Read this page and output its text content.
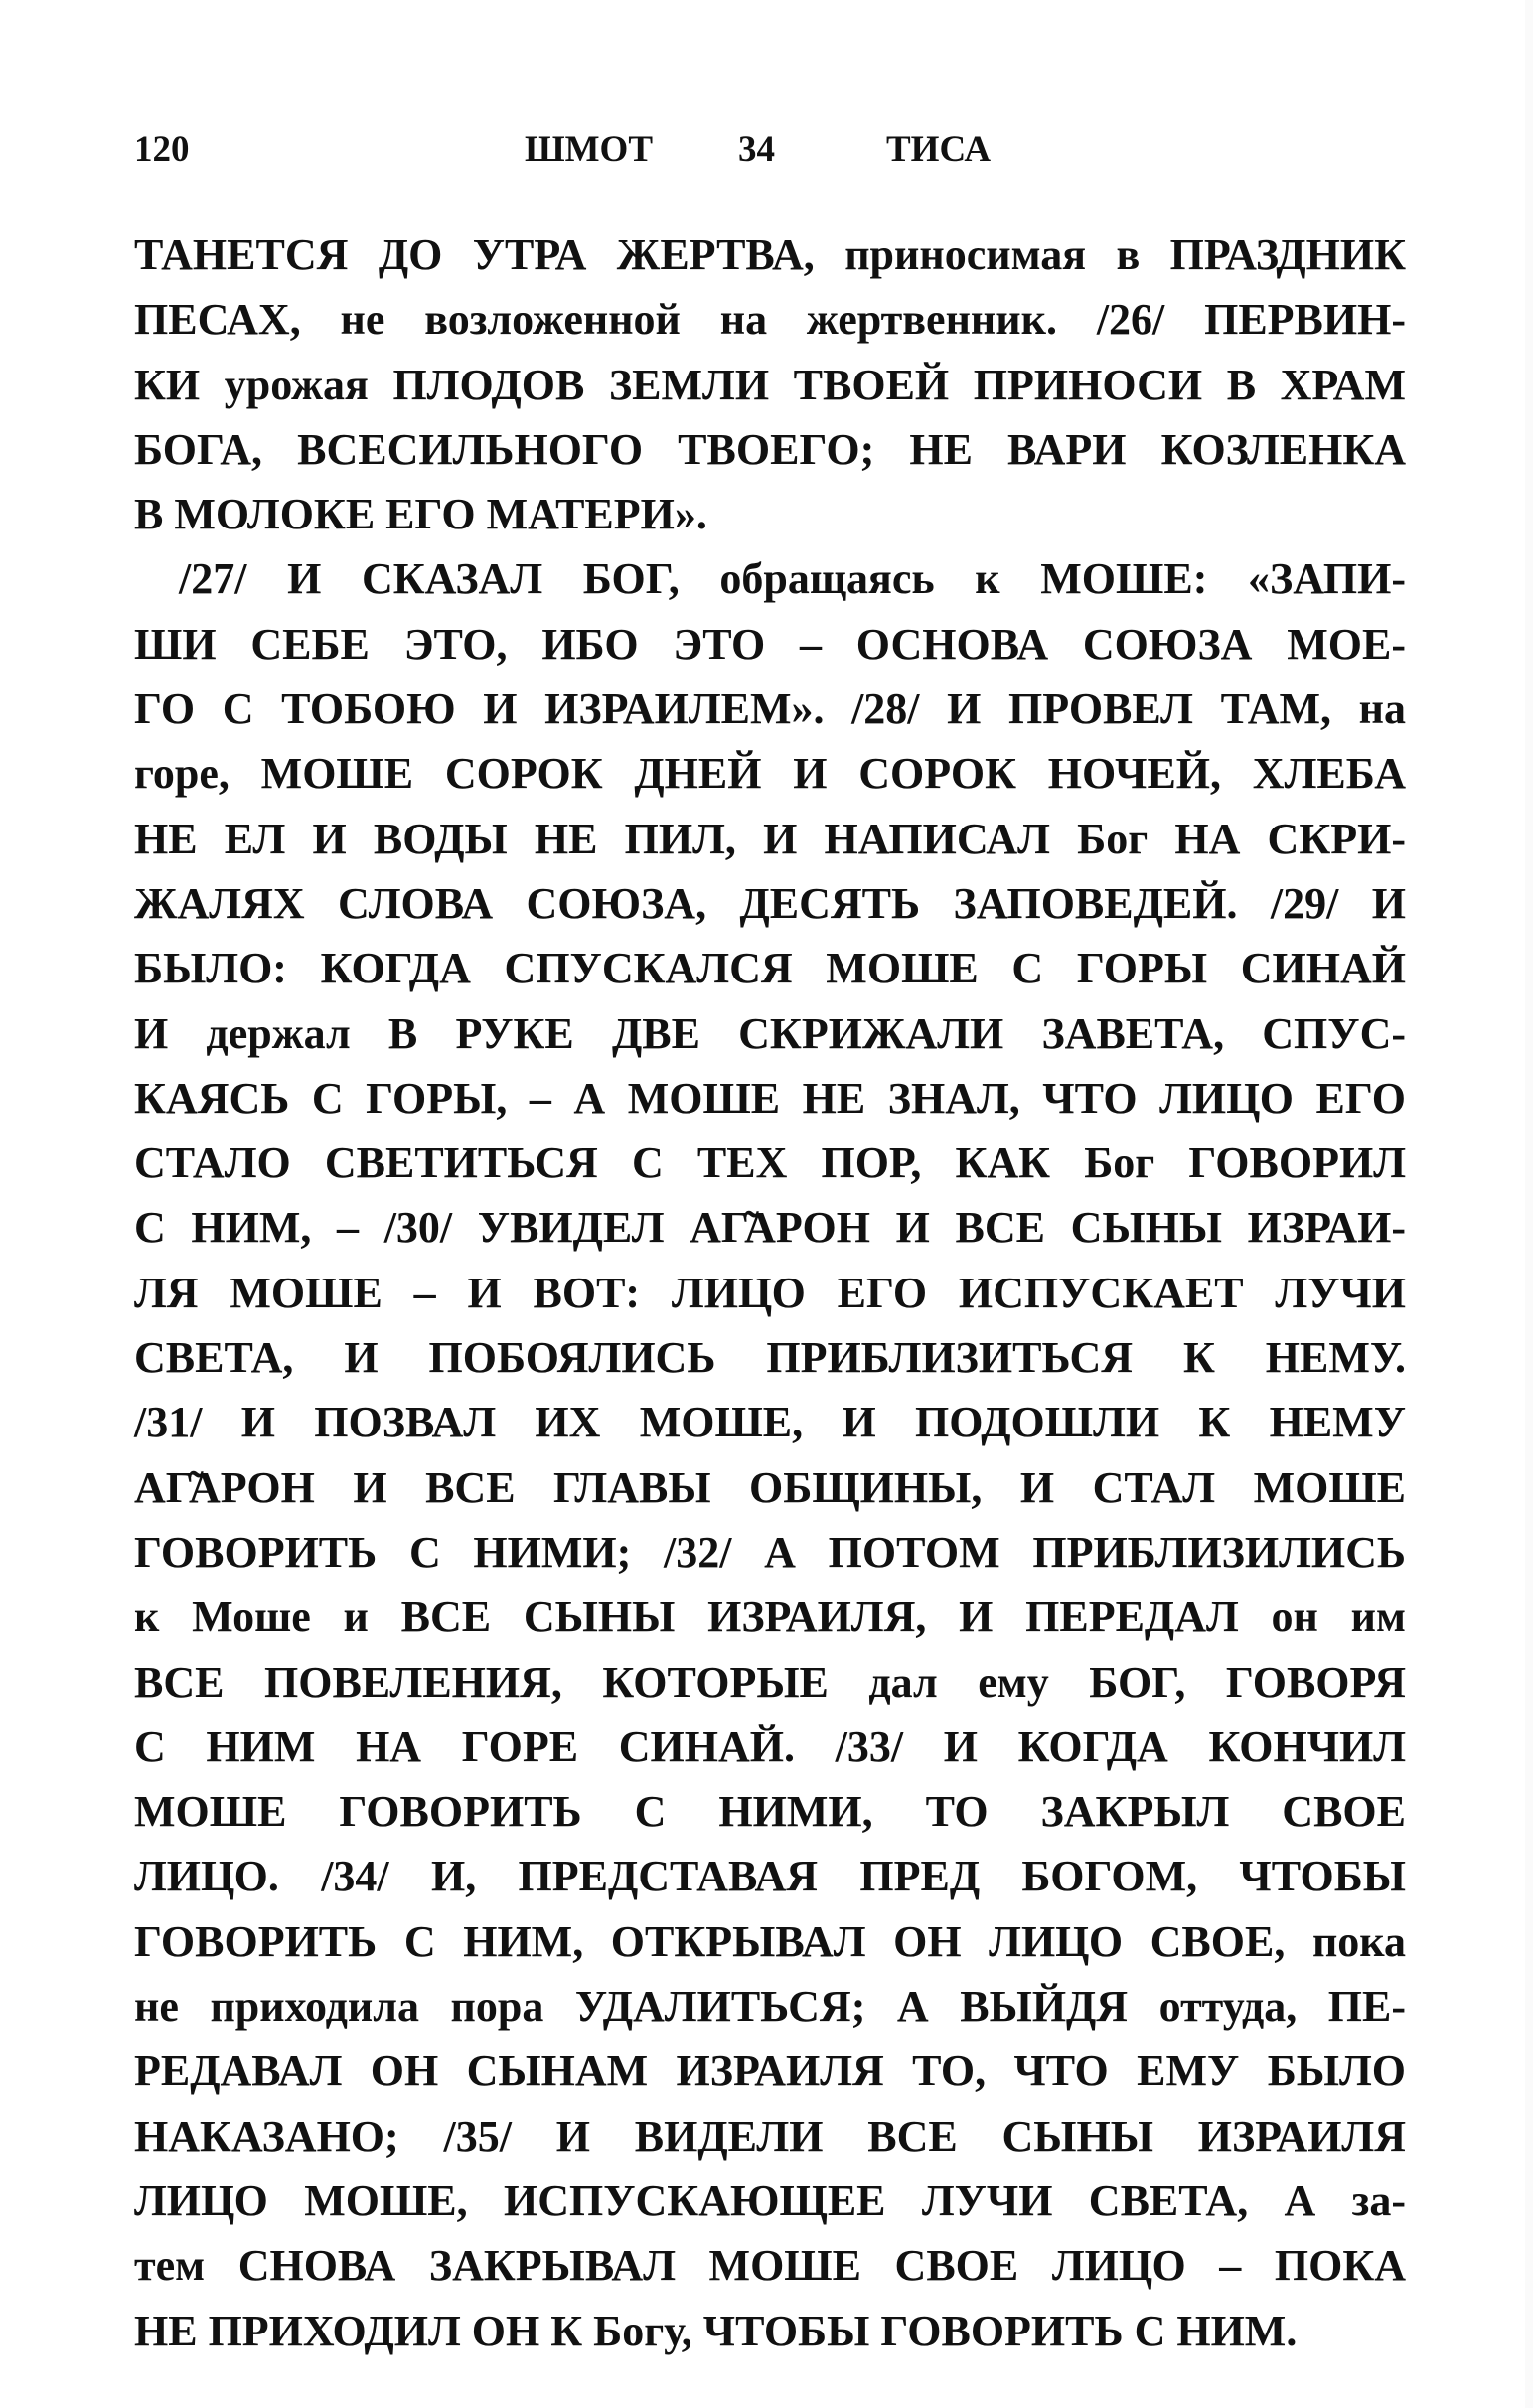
120	ШМОТ 34	ТИСА
ТАНЕТСЯ ДО УТРА ЖЕРТВА, приносимая в ПРАЗДНИК
ПЕСАХ, не возложенной на жертвенник. /26/ ПЕРВИН-
КИ урожая ПЛОДОВ ЗЕМЛИ ТВОЕЙ ПРИНОСИ В ХРАМ
БОГА, ВСЕСИЛЬНОГО ТВОЕГО; НЕ ВАРИ КОЗЛЕНКА
В МОЛОКЕ ЕГО МАТЕРИ».
/27/ И СКАЗАЛ БОГ, обращаясь к МОШЕ: «ЗАПИ-
ШИ СЕБЕ ЭТО, ИБО ЭТО – ОСНОВА СОЮЗА МОЕ-
ГО С ТОБОЮ И ИЗРАИЛЕМ». /28/ И ПРОВЕЛ ТАМ, на
горе, МОШЕ СОРОК ДНЕЙ И СОРОК НОЧЕЙ, ХЛЕБА
НЕ ЕЛ И ВОДЫ НЕ ПИЛ, И НАПИСАЛ Бог НА СКРИ-
ЖАЛЯХ СЛОВА СОЮЗА, ДЕСЯТЬ ЗАПОВЕДЕЙ. /29/ И
БЫЛО: КОГДА СПУСКАЛСЯ МОШЕ С ГОРЫ СИНАЙ
И держал В РУКЕ ДВЕ СКРИЖАЛИ ЗАВЕТА, СПУС-
КАЯСЬ С ГОРЫ, – А МОШЕ НЕ ЗНАЛ, ЧТО ЛИЦО ЕГО
СТАЛО СВЕТИТЬСЯ С ТЕХ ПОР, КАК Бог ГОВОРИЛ
С НИМ, – /30/ УВИДЕЛ АГ̃АРОН И ВСЕ СЫНЫ ИЗРАИ-
ЛЯ МОШЕ – И ВОТ: ЛИЦО ЕГО ИСПУСКАЕТ ЛУЧИ
СВЕТА, И ПОБОЯЛИСЬ ПРИБЛИЗИТЬСЯ К НЕМУ.
/31/ И ПОЗВАЛ ИХ МОШЕ, И ПОДОШЛИ К НЕМУ
АГ̃АРОН И ВСЕ ГЛАВЫ ОБЩИНЫ, И СТАЛ МОШЕ
ГОВОРИТЬ С НИМИ; /32/ А ПОТОМ ПРИБЛИЗИЛИСЬ
к Моше и ВСЕ СЫНЫ ИЗРАИЛЯ, И ПЕРЕДАЛ он им
ВСЕ ПОВЕЛЕНИЯ, КОТОРЫЕ дал ему БОГ, ГОВОРЯ
С НИМ НА ГОРЕ СИНАЙ. /33/ И КОГДА КОНЧИЛ
МОШЕ ГОВОРИТЬ С НИМИ, ТО ЗАКРЫЛ СВОЕ
ЛИЦО. /34/ И, ПРЕДСТАВАЯ ПРЕД БОГОМ, ЧТОБЫ
ГОВОРИТЬ С НИМ, ОТКРЫВАЛ ОН ЛИЦО СВОЕ, пока
не приходила пора УДАЛИТЬСЯ; А ВЫЙДЯ оттуда, ПЕ-
РЕДАВАЛ ОН СЫНАМ ИЗРАИЛЯ ТО, ЧТО ЕМУ БЫЛО
НАКАЗАНО; /35/ И ВИДЕЛИ ВСЕ СЫНЫ ИЗРАИЛЯ
ЛИЦО МОШЕ, ИСПУСКАЮЩЕЕ ЛУЧИ СВЕТА, А за-
тем СНОВА ЗАКРЫВАЛ МОШЕ СВОЕ ЛИЦО – ПОКА
НЕ ПРИХОДИЛ ОН К Богу, ЧТОБЫ ГОВОРИТЬ С НИМ.
